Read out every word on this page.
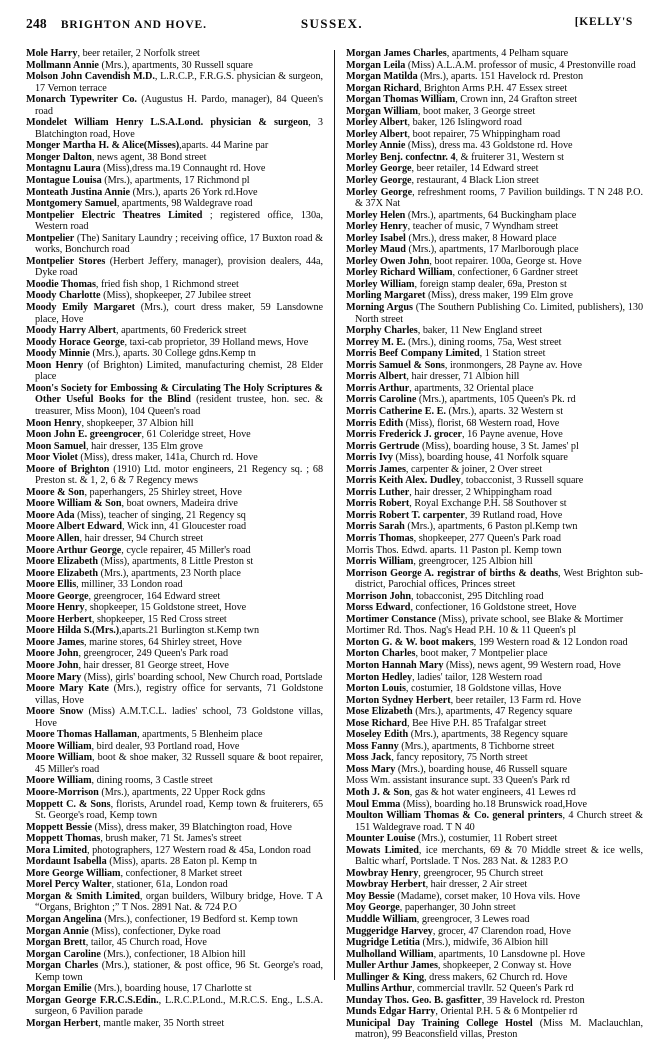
248 BRIGHTON AND HOVE.	SUSSEX.	[KELLY'S

Mole Harry, beer retailer, 2 Norfolk street

Mollmann Annie (Mrs.), apartments, 30 Russell square

Molson John Cavendish M.D., L.R.C.P., F.R.G.S. physician & surgeon, 17 Vernon terrace

Monarch Typewriter Co. (Augustus H. Pardo, manager), 84 Queen's road

Mondelet William Henry L.S.A.Lond. physician & surgeon, 3 Blatchington road, Hove

Monger Martha H. & Alice(Misses),aparts. 44 Marine par

Monger Dalton, news agent, 38 Bond street

Montagnu Laura (Miss),dress ma.19 Connaught rd. Hove

Montague Louisa (Mrs.), apartments, 17 Richmond pl

Monteath Justina Annie (Mrs.), aparts 26 York rd.Hove

Montgomery Samuel, apartments, 98 Waldegrave road

Montpelier Electric Theatres Limited ; registered office, 130a, Western road

Montpelier (The) Sanitary Laundry ; receiving office, 17 Buxton road & works, Bonchurch road

Montpelier Stores (Herbert Jeffery, manager), provision dealers, 44a, Dyke road

Moodie Thomas, fried fish shop, 1 Richmond street

Moody Charlotte (Miss), shopkeeper, 27 Jubilee street

Moody Emily Margaret (Mrs.), court dress maker, 59 Lansdowne place, Hove

Moody Harry Albert, apartments, 60 Frederick street

Moody Horace George, taxi-cab proprietor, 39 Holland mews, Hove

Moody Minnie (Mrs.), aparts. 30 College gdns.Kemp tn

Moon Henry (of Brighton) Limited, manufacturing chemist, 28 Elder place

Moon's Society for Embossing & Circulating The Holy Scriptures & Other Useful Books for the Blind (resident trustee, hon. sec. & treasurer, Miss Moon), 104 Queen's road

Moon Henry, shopkeeper, 37 Albion hill

Moon John E. greengrocer, 61 Coleridge street, Hove

Moon Samuel, hair dresser, 135 Elm grove

Moor Violet (Miss), dress maker, 141a, Church rd. Hove

Moore of Brighton (1910) Ltd. motor engineers, 21 Regency sq. ; 68 Preston st. & 1, 2, 6 & 7 Regency mews

Moore & Son, paperhangers, 25 Shirley street, Hove

Moore William & Son, boat owners, Madeira drive

Moore Ada (Miss), teacher of singing, 21 Regency sq

Moore Albert Edward, Wick inn, 41 Gloucester road

Moore Allen, hair dresser, 94 Church street

Moore Arthur George, cycle repairer, 45 Miller's road

Moore Elizabeth (Miss), apartments, 8 Little Preston st

Moore Elizabeth (Mrs.), apartments, 23 North place

Moore Ellis, milliner, 33 London road

Moore George, greengrocer, 164 Edward street

Moore Henry, shopkeeper, 15 Goldstone street, Hove

Moore Herbert, shopkeeper, 15 Red Cross street

Moore Hilda S.(Mrs.),aparts.21 Burlington st.Kemp twn

Moore James, marine stores, 64 Shirley street, Hove

Moore John, greengrocer, 249 Queen's Park road

Moore John, hair dresser, 81 George street, Hove

Moore Mary (Miss), girls' boarding school, New Church road, Portslade

Moore Mary Kate (Mrs.), registry office for servants, 71 Goldstone villas, Hove

Moore Snow (Miss) A.M.T.C.L. ladies' school, 73 Goldstone villas, Hove

Moore Thomas Hallaman, apartments, 5 Blenheim place

Moore William, bird dealer, 93 Portland road, Hove

Moore William, boot & shoe maker, 32 Russell square & boot repairer, 45 Miller's road

Moore William, dining rooms, 3 Castle street

Moore-Morrison (Mrs.), apartments, 22 Upper Rock gdns

Moppett C. & Sons, florists, Arundel road, Kemp town & fruiterers, 65 St. George's road, Kemp town

Moppett Bessie (Miss), dress maker, 39 Blatchington road, Hove

Moppett Thomas, brush maker, 71 St. James's street

Mora Limited, photographers, 127 Western road & 45a, London road

Mordaunt Isabella (Miss), aparts. 28 Eaton pl. Kemp tn

More George William, confectioner, 8 Market street

Morel Percy Walter, stationer, 61a, London road

Morgan & Smith Limited, organ builders, Wilbury bridge, Hove. T A “Organs, Brighton ;” T Nos. 2891 Nat. & 724 P.O

Morgan Angelina (Mrs.), confectioner, 19 Bedford st. Kemp town

Morgan Annie (Miss), confectioner, Dyke road

Morgan Brett, tailor, 45 Church road, Hove

Morgan Caroline (Mrs.), confectioner, 18 Albion hill

Morgan Charles (Mrs.), stationer, & post office, 96 St. George's road, Kemp town

Morgan Emilie (Mrs.), boarding house, 17 Charlotte st

Morgan George F.R.C.S.Edin., L.R.C.P.Lond., M.R.C.S. Eng., L.S.A. surgeon, 6 Pavilion parade

Morgan Herbert, mantle maker, 35 North street

Morgan James Charles, apartments, 4 Pelham square

Morgan Leila (Miss) A.L.A.M. professor of music, 4 Prestonville road

Morgan Matilda (Mrs.), aparts. 151 Havelock rd. Preston

Morgan Richard, Brighton Arms P.H. 47 Essex street

Morgan Thomas William, Crown inn, 24 Grafton street

Morgan William, boot maker, 3 George street

Morley Albert, baker, 126 Islingword road

Morley Albert, boot repairer, 75 Whippingham road

Morley Annie (Miss), dress ma. 43 Goldstone rd. Hove

Morley Benj. confectnr. 4, & fruiterer 31, Western st

Morley George, beer retailer, 14 Edward street

Morley George, restaurant, 4 Black Lion street

Morley George, refreshment rooms, 7 Pavilion buildings. T N 248 P.O. & 37X Nat

Morley Helen (Mrs.), apartments, 64 Buckingham place

Morley Henry, teacher of music, 7 Wyndham street

Morley Isabel (Mrs.), dress maker, 8 Howard place

Morley Maud (Mrs.), apartments, 17 Marlborough place

Morley Owen John, boot repairer. 100a, George st. Hove

Morley Richard William, confectioner, 6 Gardner street

Morley William, foreign stamp dealer, 69a, Preston st

Morling Margaret (Miss), dress maker, 199 Elm grove

Morning Argus (The Southern Publishing Co. Limited, publishers), 130 North street

Morphy Charles, baker, 11 New England street

Morrey M. E. (Mrs.), dining rooms, 75a, West street

Morris Beef Company Limited, 1 Station street

Morris Samuel & Sons, ironmongers, 28 Payne av. Hove

Morris Albert, hair dresser, 71 Albion hill

Morris Arthur, apartments, 32 Oriental place

Morris Caroline (Mrs.), apartments, 105 Queen's Pk. rd

Morris Catherine E. E. (Mrs.), aparts. 32 Western st

Morris Edith (Miss), florist, 68 Western road, Hove

Morris Frederick J. grocer, 16 Payne avenue, Hove

Morris Gertrude (Miss), boarding house, 3 St. James' pl

Morris Ivy (Miss), boarding house, 41 Norfolk square

Morris James, carpenter & joiner, 2 Over street

Morris Keith Alex. Dudley, tobacconist, 3 Russell square

Morris Luther, hair dresser, 2 Whippingham road

Morris Robert, Royal Exchange P.H. 58 Southover st

Morris Robert T. carpenter, 39 Rutland road, Hove

Morris Sarah (Mrs.), apartments, 6 Paston pl.Kemp twn

Morris Thomas, shopkeeper, 277 Queen's Park road

Morris Thos. Edwd. aparts. 11 Paston pl. Kemp town

Morris William, greengrocer, 125 Albion hill

Morrison George A. registrar of births & deaths, West Brighton sub-district, Parochial offices, Princes street

Morrison John, tobacconist, 295 Ditchling road

Morss Edward, confectioner, 16 Goldstone street, Hove

Mortimer Constance (Miss), private school, see Blake & Mortimer

Mortimer Rd. Thos. Nag's Head P.H. 10 & 11 Queen's pl

Morton G. & W. boot makers, 199 Western road & 12 London road

Morton Charles, boot maker, 7 Montpelier place

Morton Hannah Mary (Miss), news agent, 99 Western road, Hove

Morton Hedley, ladies' tailor, 128 Western road

Morton Louis, costumier, 18 Goldstone villas, Hove

Morton Sydney Herbert, beer retailer, 13 Farm rd. Hove

Mose Elizabeth (Mrs.), apartments, 47 Regency square

Mose Richard, Bee Hive P.H. 85 Trafalgar street

Moseley Edith (Mrs.), apartments, 38 Regency square

Moss Fanny (Mrs.), apartments, 8 Tichborne street

Moss Jack, fancy repository, 75 North street

Moss Mary (Mrs.), boarding house, 46 Russell square

Moss Wm. assistant insurance supt. 33 Queen's Park rd

Moth J. & Son, gas & hot water engineers, 41 Lewes rd

Moul Emma (Miss), boarding ho.18 Brunswick road,Hove

Moulton William Thomas & Co. general printers, 4 Church street & 151 Waldegrave road. T N 40

Mounter Louise (Mrs.), costumier, 11 Robert street

Mowats Limited, ice merchants, 69 & 70 Middle street & ice wells, Baltic wharf, Portslade. T Nos. 283 Nat. & 1283 P.O

Mowbray Henry, greengrocer, 95 Church street

Mowbray Herbert, hair dresser, 2 Air street

Moy Bessie (Madame), corset maker, 10 Hova vils. Hove

Moy George, paperhanger, 30 John street

Muddle William, greengrocer, 3 Lewes road

Muggeridge Harvey, grocer, 47 Clarendon road, Hove

Mugridge Letitia (Mrs.), midwife, 36 Albion hill

Mulholland William, apartments, 10 Lansdowne pl. Hove

Muller Arthur James, shopkeeper, 2 Conway st. Hove

Mullinger & King, dress makers, 62 Church rd. Hove

Mullins Arthur, commercial travllr. 52 Queen's Park rd

Munday Thos. Geo. B. gasfitter, 39 Havelock rd. Preston

Munds Edgar Harry, Oriental P.H. 5 & 6 Montpelier rd

Municipal Day Training College Hostel (Miss M. Maclauchlan, matron), 99 Beaconsfield villas, Preston
